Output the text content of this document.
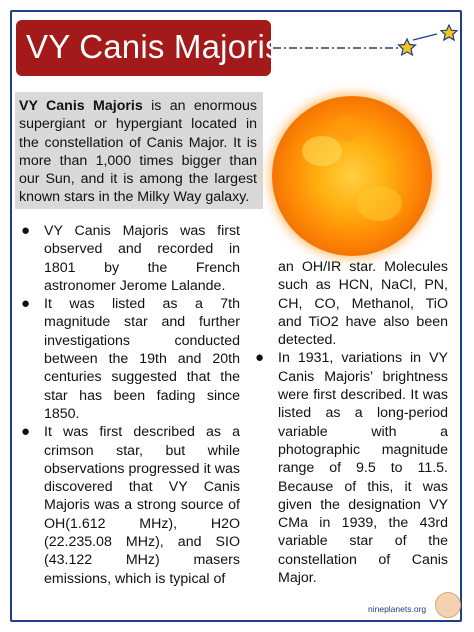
VY Canis Majoris
VY Canis Majoris is an enormous supergiant or hypergiant located in the constellation of Canis Major. It is more than 1,000 times bigger than our Sun, and it is among the largest known stars in the Milky Way galaxy.
● VY Canis Majoris was first observed and recorded in 1801 by the French astronomer Jerome Lalande.
● It was listed as a 7th magnitude star and further investigations conducted between the 19th and 20th centuries suggested that the star has been fading since 1850.
● It was first described as a crimson star, but while observations progressed it was discovered that VY Canis Majoris was a strong source of OH(1.612 MHz), H2O (22.235.08 MHz), and SIO (43.122 MHz) masers emissions, which is typical of
an OH/IR star. Molecules such as HCN, NaCl, PN, CH, CO, Methanol, TiO and TiO2 have also been detected.
● In 1931, variations in VY Canis Majoris’ brightness were first described. It was listed as a long-period variable with a photographic magnitude range of 9.5 to 11.5. Because of this, it was given the designation VY CMa in 1939, the 43rd variable star of the constellation of Canis Major.
nineplanets.org
